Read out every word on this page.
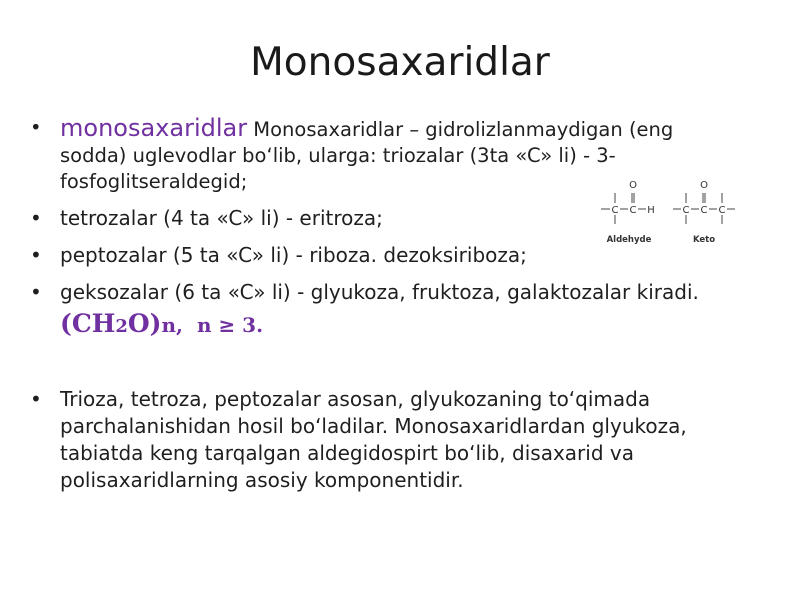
Monosaxaridlar
• monosaxaridlar Monosaxaridlar – gidrolizlanmaydigan (eng sodda) uglevodlar bo‘lib, ularga: triozalar (3ta «C» li) - 3-fosfoglitseraldegid;
• tetrozalar (4 ta «C» li) - eritroza;
• peptozalar (5 ta «C» li) - riboza. dezoksiriboza;
• geksozalar (6 ta «C» li) - glyukoza, fruktoza, galaktozalar kiradi.
(CH2O)n, n ≥ 3.
• Trioza, tetroza, peptozalar asosan, glyukozaning to‘qimada parchalanishidan hosil bo‘ladilar. Monosaxaridlardan glyukoza, tabiatda keng tarqalgan aldegidospirt bo‘lib, disaxarid va polisaxaridlarning asosiy komponentidir.
O
C C H
O
C C C
Aldehyde	Keto
